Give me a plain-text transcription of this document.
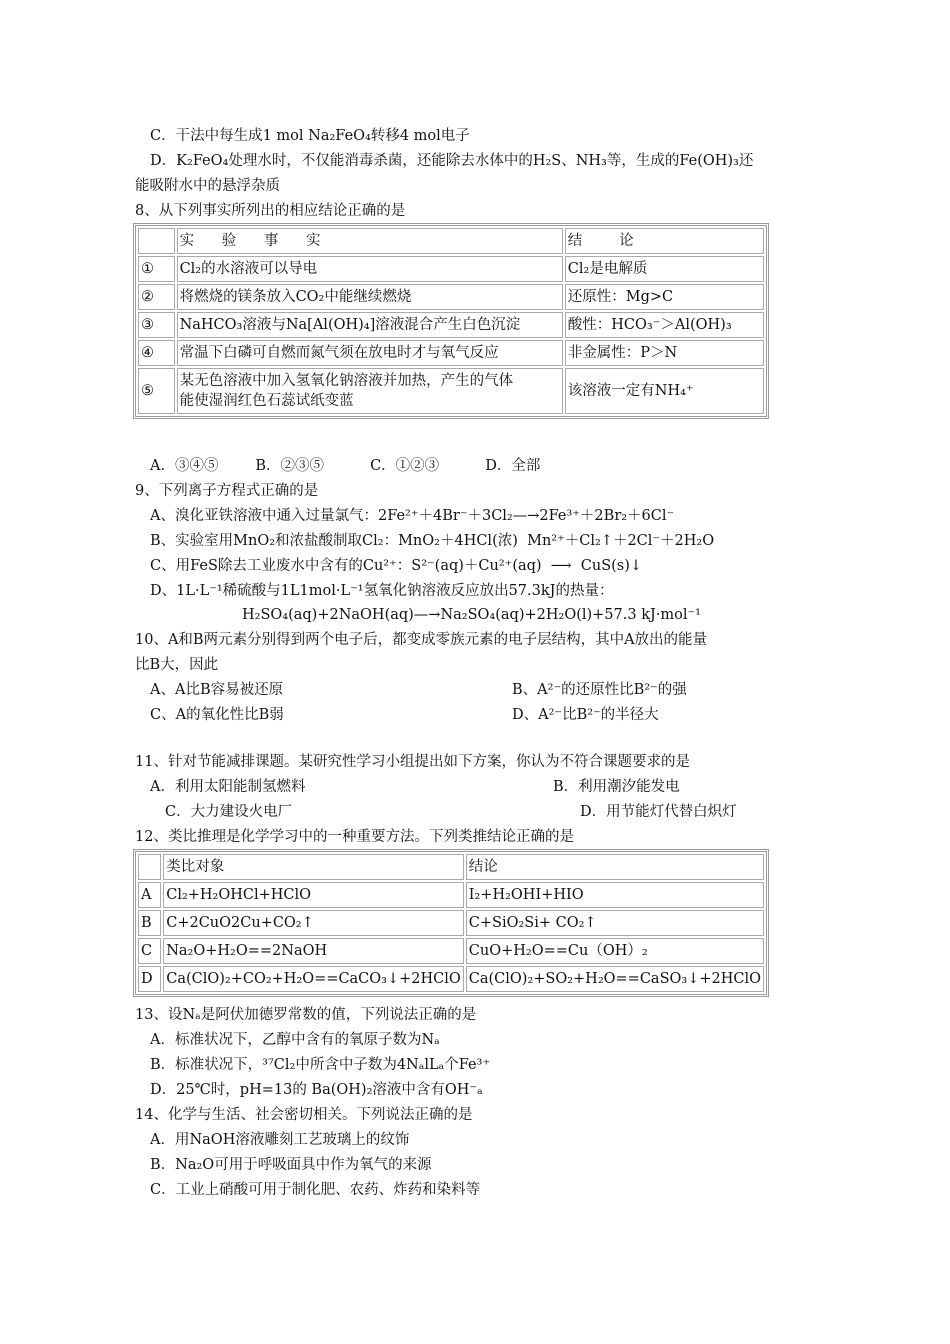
C．干法中每生成1 mol Na₂FeO₄转移4 mol电子
D．K₂FeO₄处理水时，不仅能消毒杀菌，还能除去水体中的H₂S、NH₃等，生成的Fe(OH)₃还
能吸附水中的悬浮杂质
8、从下列事实所列出的相应结论正确的是
	实      验      事      实	结        论
①	Cl₂的水溶液可以导电	Cl₂是电解质
②	将燃烧的镁条放入CO₂中能继续燃烧	还原性：Mg>C
③	NaHCO₃溶液与Na[Al(OH)₄]溶液混合产生白色沉淀	酸性：HCO₃⁻＞Al(OH)₃
④	常温下白磷可自燃而氮气须在放电时才与氧气反应	非金属性：P＞N
⑤	某无色溶液中加入氢氧化钠溶液并加热，产生的气体
能使湿润红色石蕊试纸变蓝	该溶液一定有NH₄⁺
A．③④⑤        B．②③⑤          C．①②③          D．全部
9、下列离子方程式正确的是
A、溴化亚铁溶液中通入过量氯气：2Fe²⁺＋4Br⁻＋3Cl₂—→2Fe³⁺＋2Br₂＋6Cl⁻
B、实验室用MnO₂和浓盐酸制取Cl₂：MnO₂＋4HCl(浓)  Mn²⁺＋Cl₂↑＋2Cl⁻＋2H₂O
C、用FeS除去工业废水中含有的Cu²⁺：S²⁻(aq)＋Cu²⁺(aq)  ⟶  CuS(s)↓
D、1L·L⁻¹稀硫酸与1L1mol·L⁻¹氢氧化钠溶液反应放出57.3kJ的热量：
H₂SO₄(aq)+2NaOH(aq)—→Na₂SO₄(aq)+2H₂O(l)+57.3 kJ·mol⁻¹
10、A和B两元素分别得到两个电子后，都变成零族元素的电子层结构，其中A放出的能量
比B大，因此
A、A比B容易被还原	B、A²⁻的还原性比B²⁻的强
C、A的氧化性比B弱	D、A²⁻比B²⁻的半径大
11、针对节能减排课题。某研究性学习小组提出如下方案，你认为不符合课题要求的是
A．利用太阳能制氢燃料	B．利用潮汐能发电
C．大力建设火电厂	D．用节能灯代替白炽灯
12、类比推理是化学学习中的一种重要方法。下列类推结论正确的是
	类比对象	结论
A	Cl₂+H₂OHCl+HClO	I₂+H₂OHI+HIO
B	C+2CuO2Cu+CO₂↑	C+SiO₂Si+ CO₂↑
C	Na₂O+H₂O==2NaOH	CuO+H₂O==Cu（OH）₂
D	Ca(ClO)₂+CO₂+H₂O==CaCO₃↓+2HClO	Ca(ClO)₂+SO₂+H₂O==CaSO₃↓+2HClO
13、设Nₐ是阿伏加德罗常数的值，下列说法正确的是
A．标准状况下，乙醇中含有的氧原子数为Nₐ
B．标准状况下，³⁷Cl₂中所含中子数为4NₐlLₐ个Fe³⁺
D．25℃时，pH=13的 Ba(OH)₂溶液中含有OH⁻ₐ
14、化学与生活、社会密切相关。下列说法正确的是
A．用NaOH溶液雕刻工艺玻璃上的纹饰
B．Na₂O可用于呼吸面具中作为氧气的来源
C．工业上硝酸可用于制化肥、农药、炸药和染料等
